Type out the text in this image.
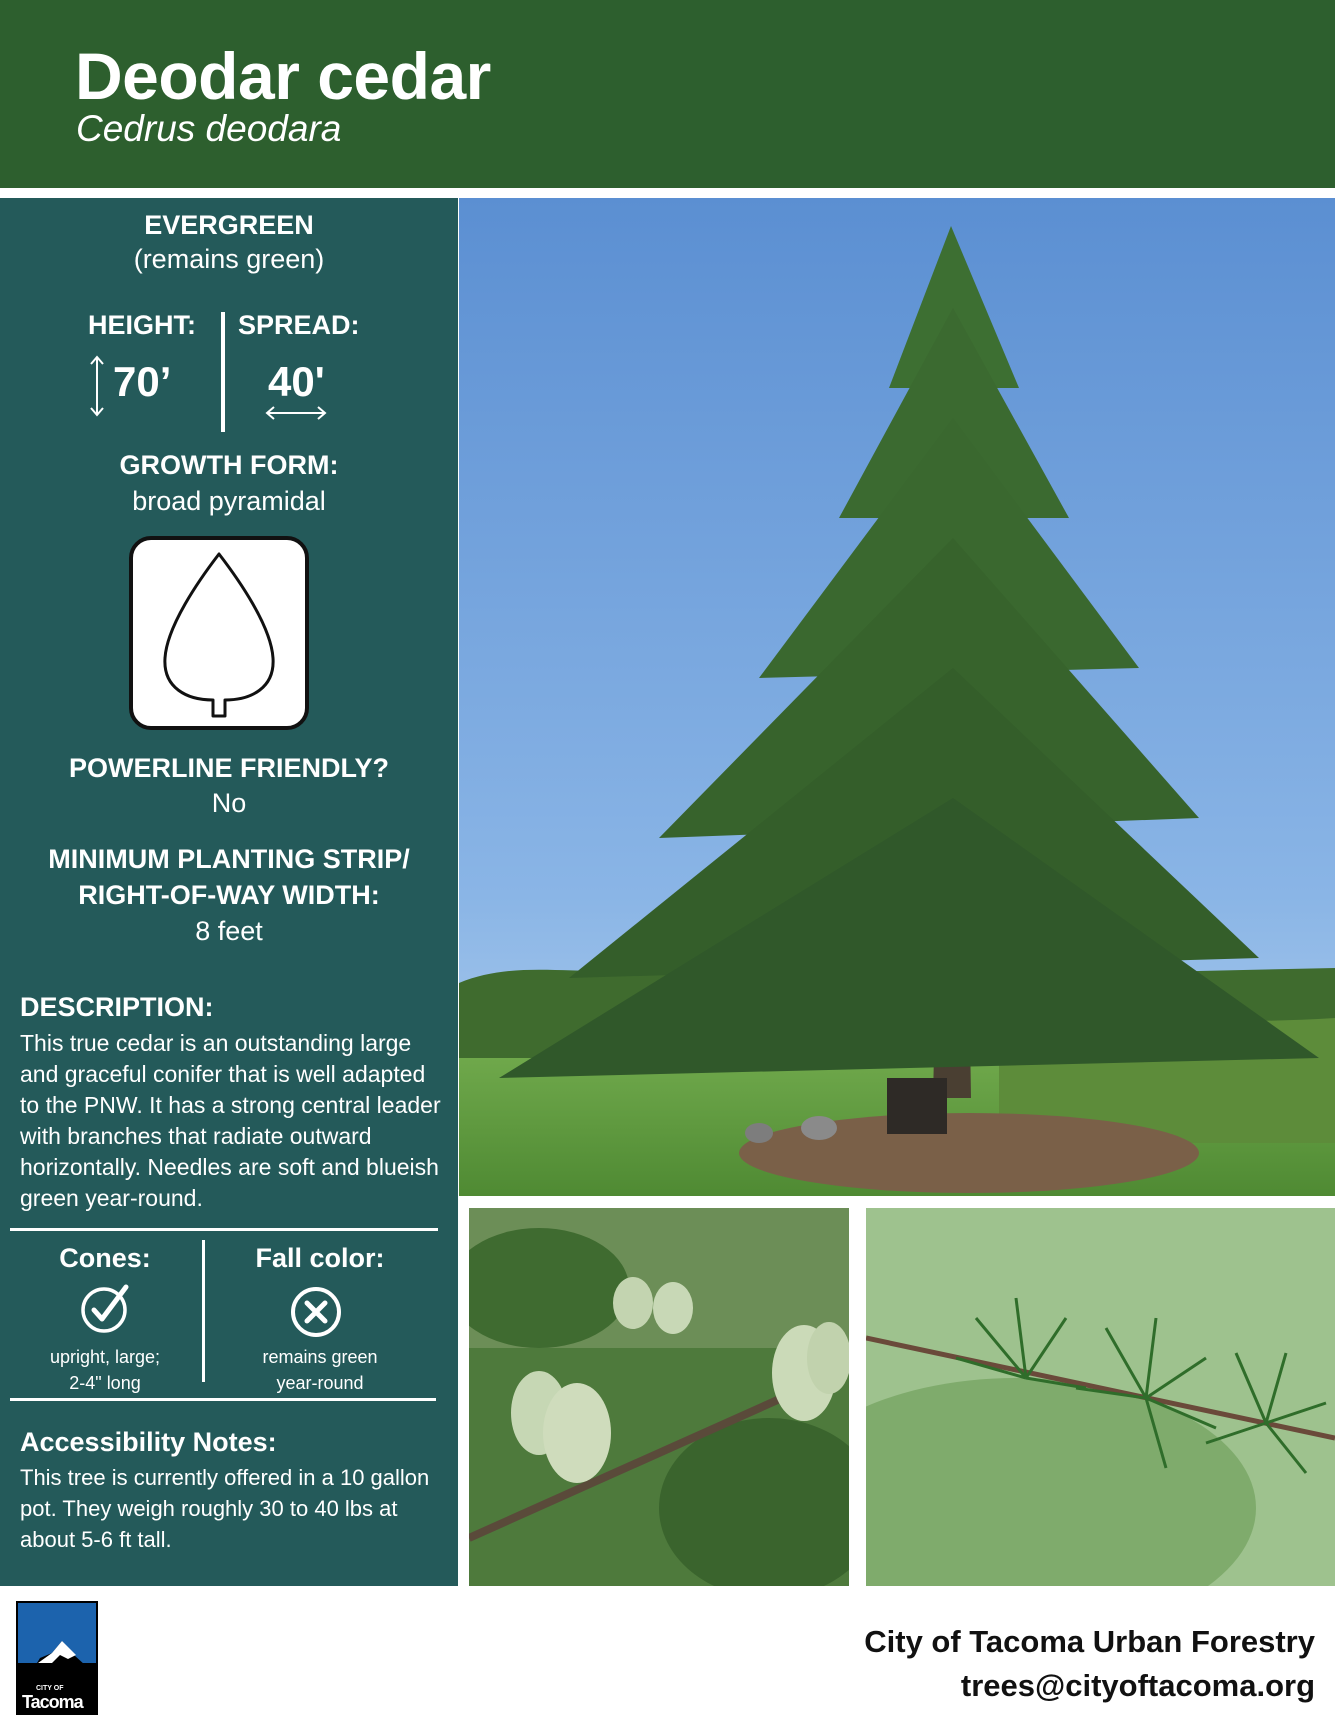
Deodar cedar
Cedrus deodara
EVERGREEN
(remains green)
HEIGHT: SPREAD:
70’ 40'
GROWTH FORM:
broad pyramidal
POWERLINE FRIENDLY?
No
MINIMUM PLANTING STRIP/
RIGHT-OF-WAY WIDTH:
8 feet
DESCRIPTION:
This true cedar is an outstanding large and graceful conifer that is well adapted to the PNW. It has a strong central leader with branches that radiate outward horizontally. Needles are soft and blueish green year-round.
Cones:
upright, large;
2-4" long
Fall color:
remains green
year-round
Accessibility Notes:
This tree is currently offered in a 10 gallon pot. They weigh roughly 30 to 40 lbs at about 5-6 ft tall.
CITY OF
Tacoma
City of Tacoma Urban Forestry
trees@cityoftacoma.org
